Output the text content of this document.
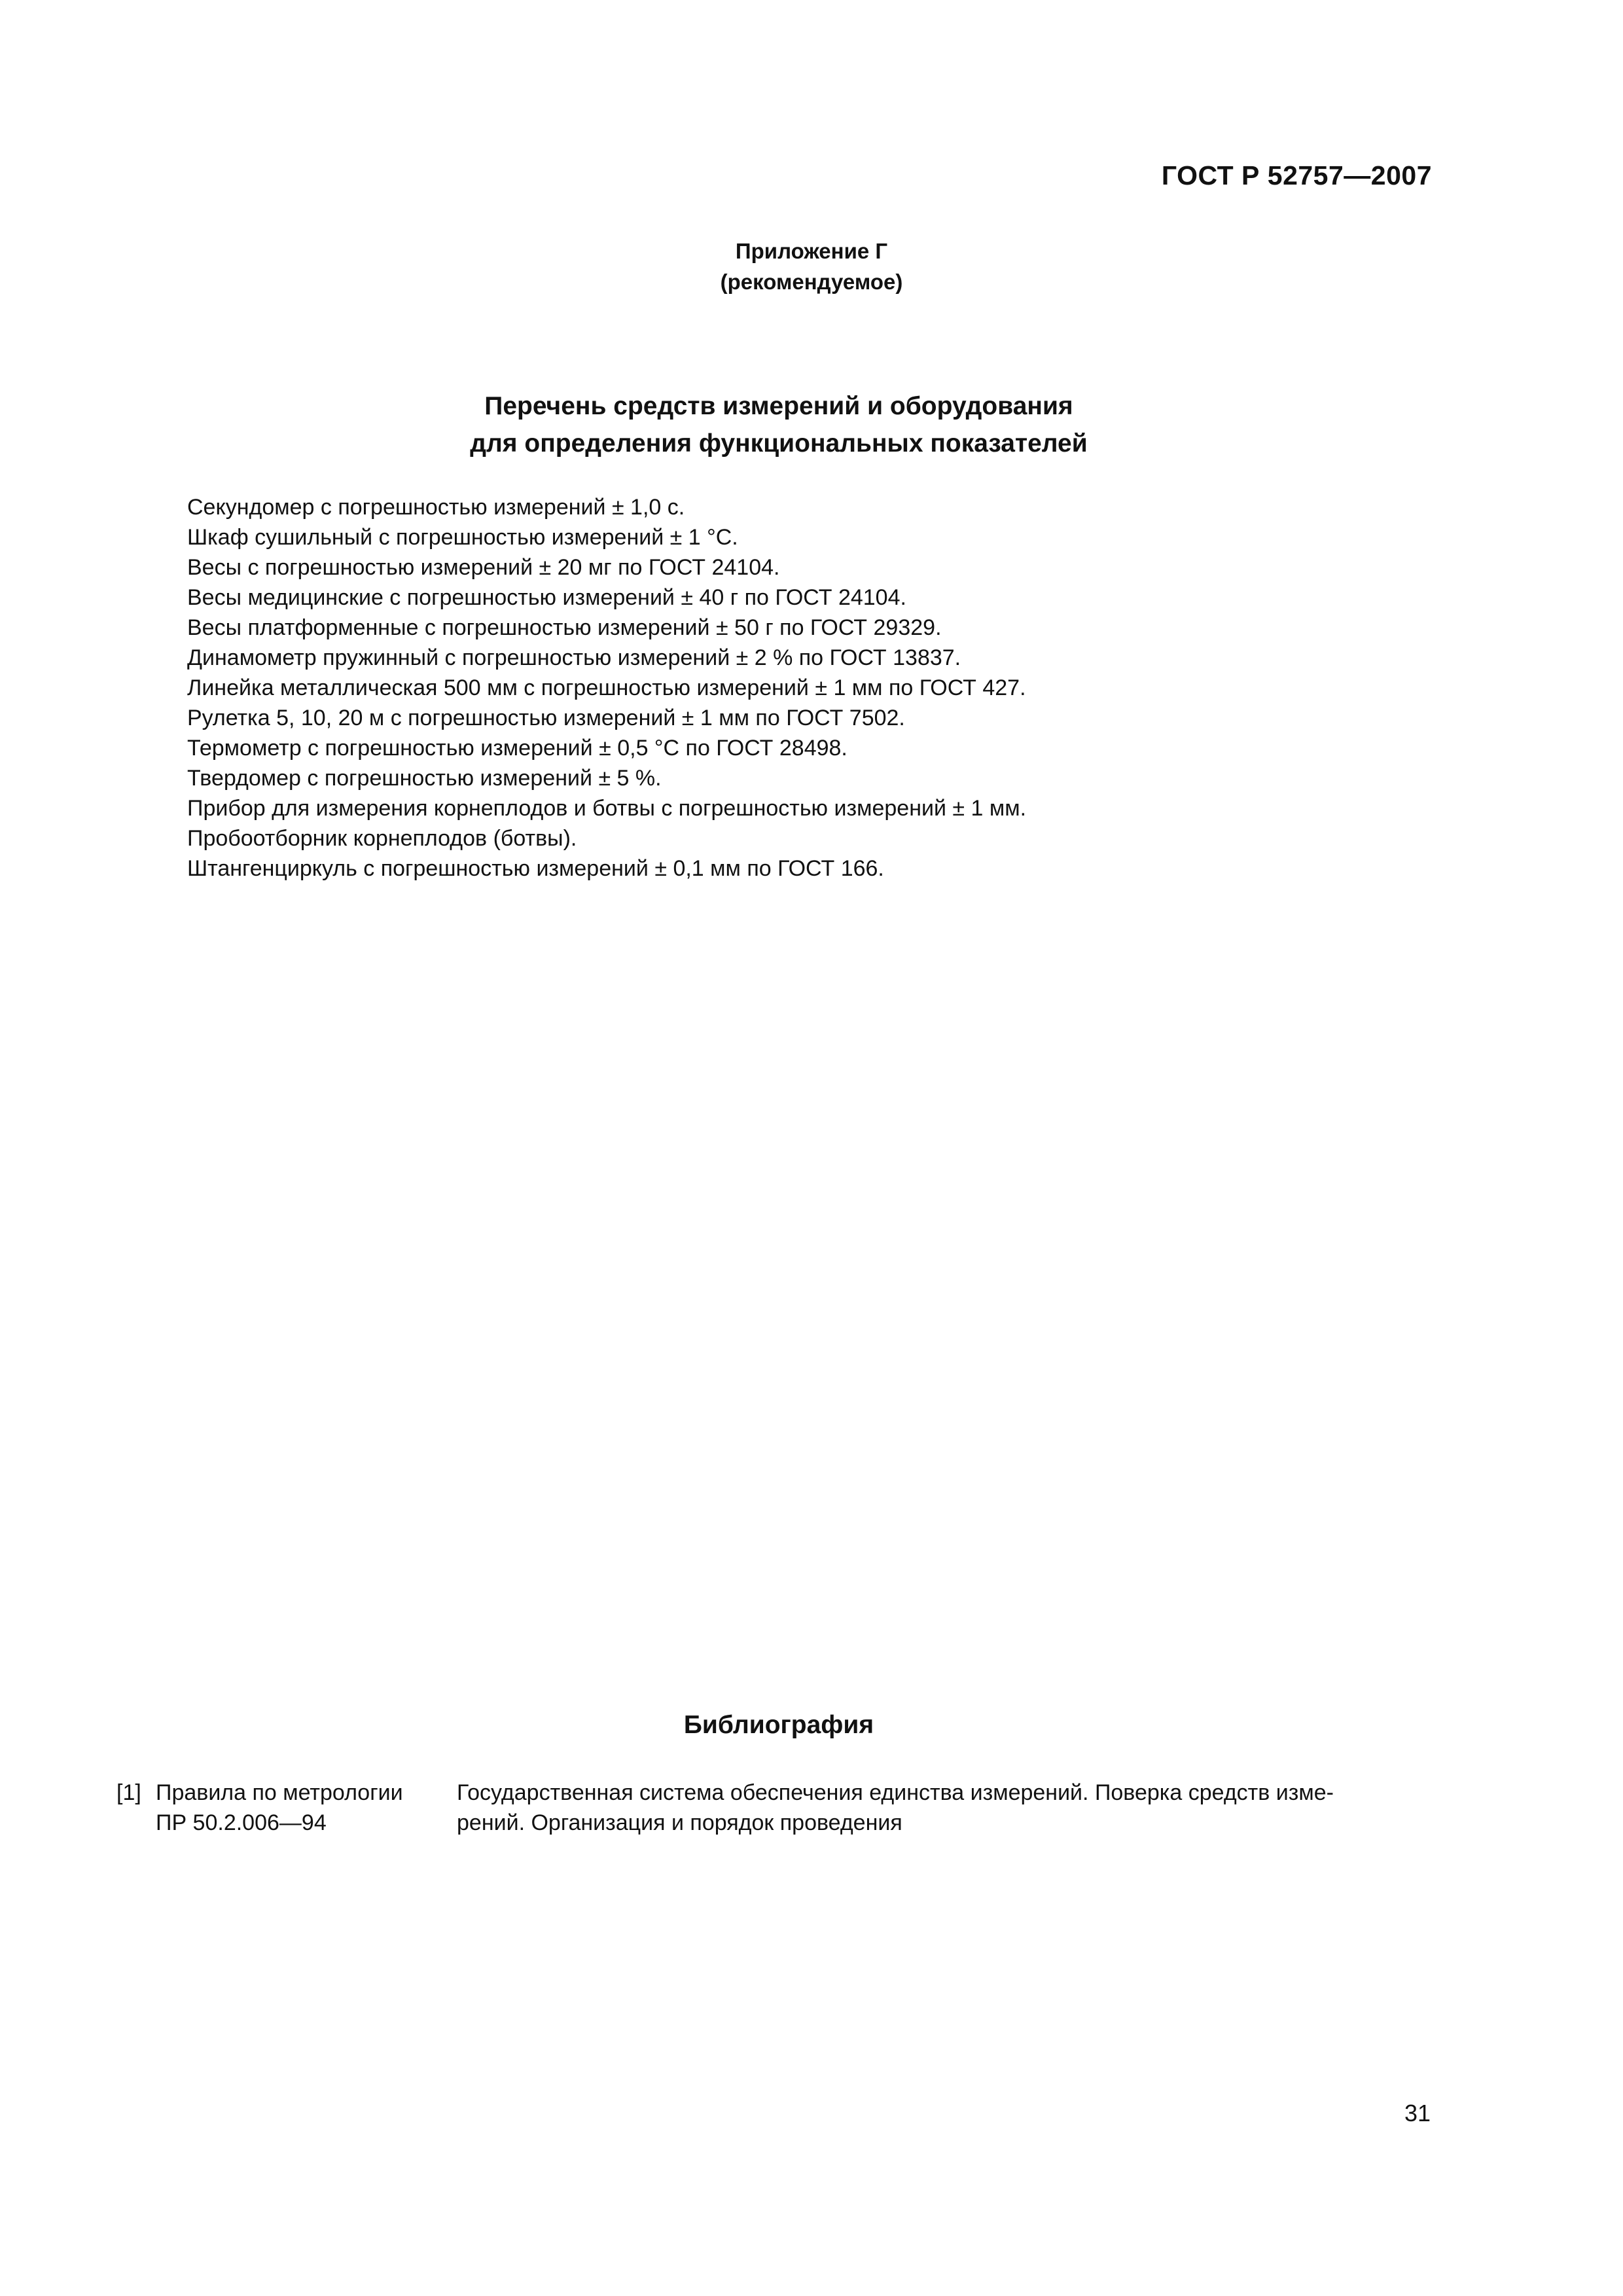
ГОСТ Р 52757—2007
Приложение Г
(рекомендуемое)
Перечень средств измерений и оборудования
для определения функциональных показателей
Секундомер с погрешностью измерений ± 1,0 с.
Шкаф сушильный с погрешностью измерений ± 1 °С.
Весы с погрешностью измерений ± 20 мг по ГОСТ 24104.
Весы медицинские с погрешностью измерений ± 40 г по ГОСТ 24104.
Весы платформенные с погрешностью измерений ± 50 г по ГОСТ 29329.
Динамометр пружинный с погрешностью измерений ± 2 % по ГОСТ 13837.
Линейка металлическая 500 мм с погрешностью измерений ± 1 мм по ГОСТ 427.
Рулетка 5, 10, 20 м с погрешностью измерений ± 1 мм по ГОСТ 7502.
Термометр с погрешностью измерений ± 0,5 °С по ГОСТ 28498.
Твердомер с погрешностью измерений ± 5 %.
Прибор для измерения корнеплодов и ботвы с погрешностью измерений ± 1 мм.
Пробоотборник корнеплодов (ботвы).
Штангенциркуль с погрешностью измерений ± 0,1 мм по ГОСТ 166.
Библиография
[1] Правила по метрологии
ПР 50.2.006—94
Государственная система обеспечения единства измерений. Поверка средств изме-
рений. Организация и порядок проведения
31
